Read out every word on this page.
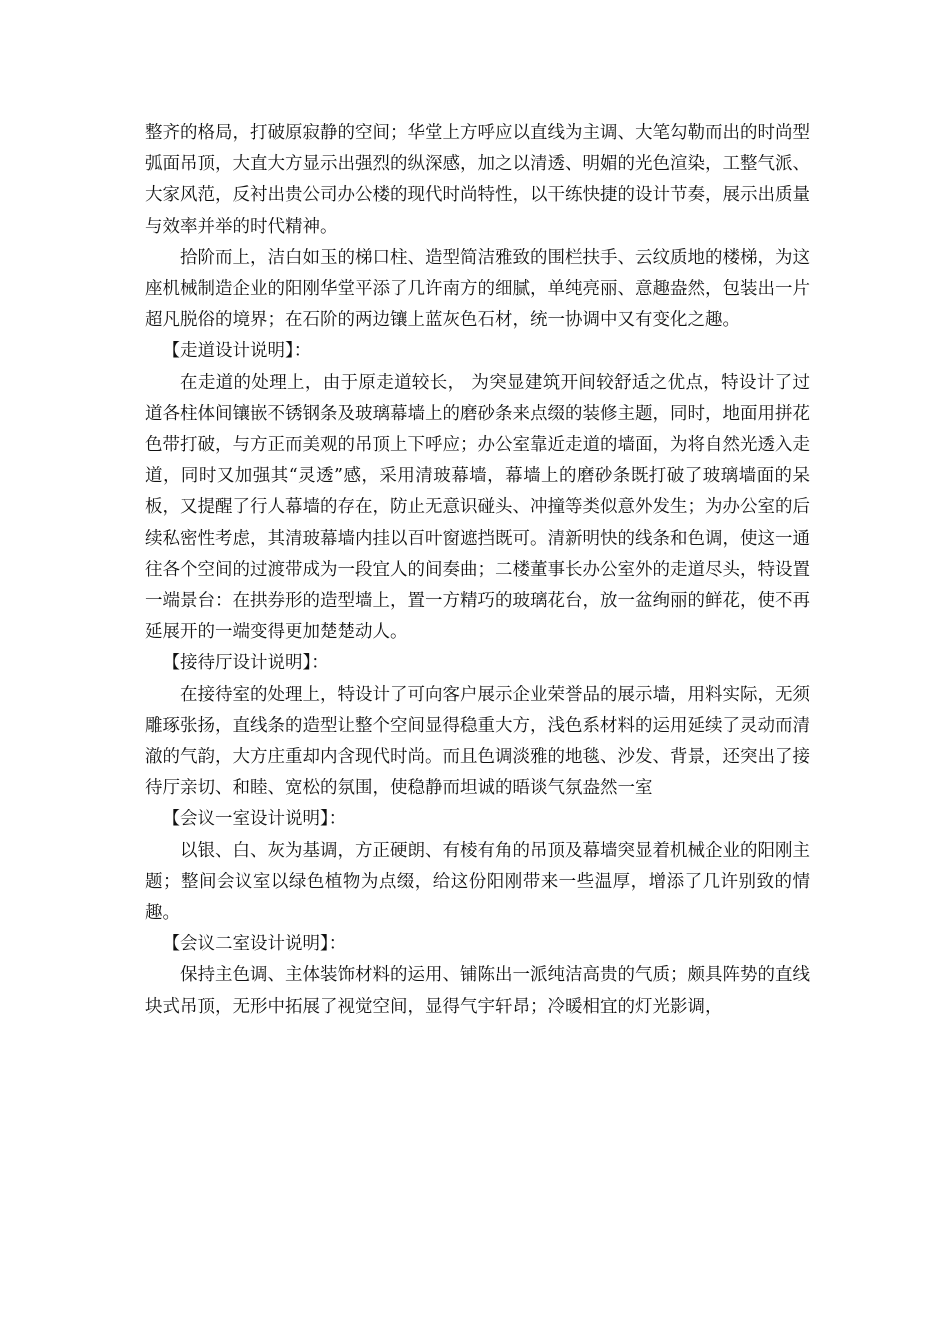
整齐的格局，打破原寂静的空间；华堂上方呼应以直线为主调、大笔勾勒而出的时尚型弧面吊顶，大直大方显示出强烈的纵深感，加之以清透、明媚的光色渲染，工整气派、大家风范，反衬出贵公司办公楼的现代时尚特性，以干练快捷的设计节奏，展示出质量与效率并举的时代精神。

拾阶而上，洁白如玉的梯口柱、造型简洁雅致的围栏扶手、云纹质地的楼梯，为这座机械制造企业的阳刚华堂平添了几许南方的细腻，单纯亮丽、意趣盎然，包装出一片超凡脱俗的境界；在石阶的两边镶上蓝灰色石材，统一协调中又有变化之趣。

【走道设计说明】：

在走道的处理上，由于原走道较长， 为突显建筑开间较舒适之优点，特设计了过道各柱体间镶嵌不锈钢条及玻璃幕墙上的磨砂条来点缀的装修主题，同时，地面用拼花色带打破，与方正而美观的吊顶上下呼应；办公室靠近走道的墙面，为将自然光透入走道，同时又加强其“灵透”感，采用清玻幕墙，幕墙上的磨砂条既打破了玻璃墙面的呆板，又提醒了行人幕墙的存在，防止无意识碰头、冲撞等类似意外发生；为办公室的后续私密性考虑，其清玻幕墙内挂以百叶窗遮挡既可。清新明快的线条和色调，使这一通往各个空间的过渡带成为一段宜人的间奏曲；二楼董事长办公室外的走道尽头，特设置一端景台：在拱券形的造型墙上，置一方精巧的玻璃花台，放一盆绚丽的鲜花，使不再延展开的一端变得更加楚楚动人。

【接待厅设计说明】：

在接待室的处理上，特设计了可向客户展示企业荣誉品的展示墙，用料实际，无须雕琢张扬，直线条的造型让整个空间显得稳重大方，浅色系材料的运用延续了灵动而清澈的气韵，大方庄重却内含现代时尚。而且色调淡雅的地毯、沙发、背景，还突出了接待厅亲切、和睦、宽松的氛围，使稳静而坦诚的晤谈气氛盎然一室

【会议一室设计说明】：

以银、白、灰为基调，方正硬朗、有棱有角的吊顶及幕墙突显着机械企业的阳刚主题；整间会议室以绿色植物为点缀，给这份阳刚带来一些温厚，增添了几许别致的情趣。

【会议二室设计说明】：

保持主色调、主体装饰材料的运用、铺陈出一派纯洁高贵的气质；颇具阵势的直线块式吊顶，无形中拓展了视觉空间，显得气宇轩昂；冷暖相宜的灯光影调，
